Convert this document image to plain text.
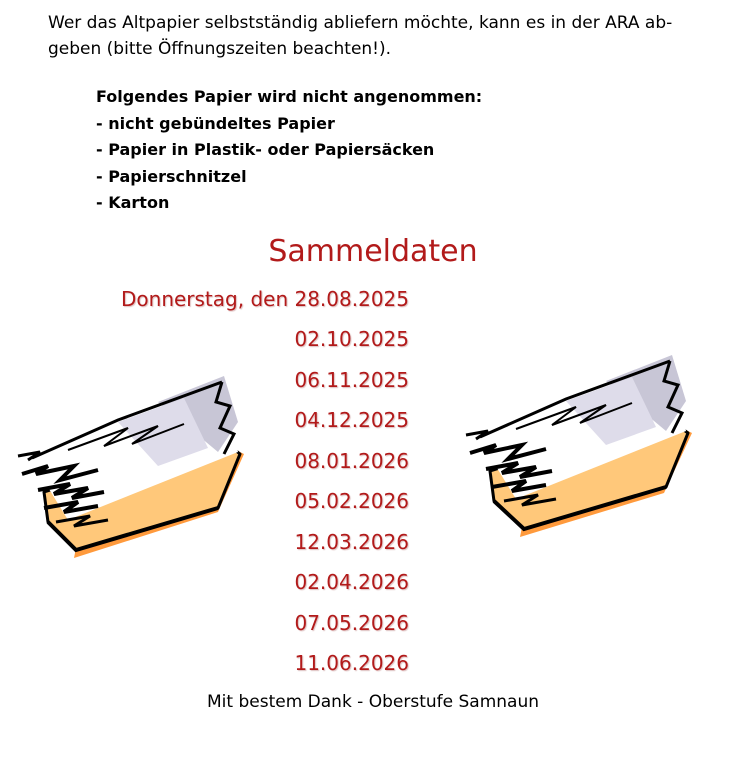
Wer das Altpapier selbstständig abliefern möchte, kann es in der ARA ab-geben (bitte Öffnungszeiten beachten!).

Folgendes Papier wird nicht angenommen:
- nicht gebündeltes Papier
- Papier in Plastik- oder Papiersäcken
- Papierschnitzel
- Karton
Sammeldaten
Donnerstag, den 28.08.2025
02.10.2025
06.11.2025
04.12.2025
08.01.2026
05.02.2026
12.03.2026
02.04.2026
07.05.2026
11.06.2026

Mit bestem Dank - Oberstufe Samnaun
